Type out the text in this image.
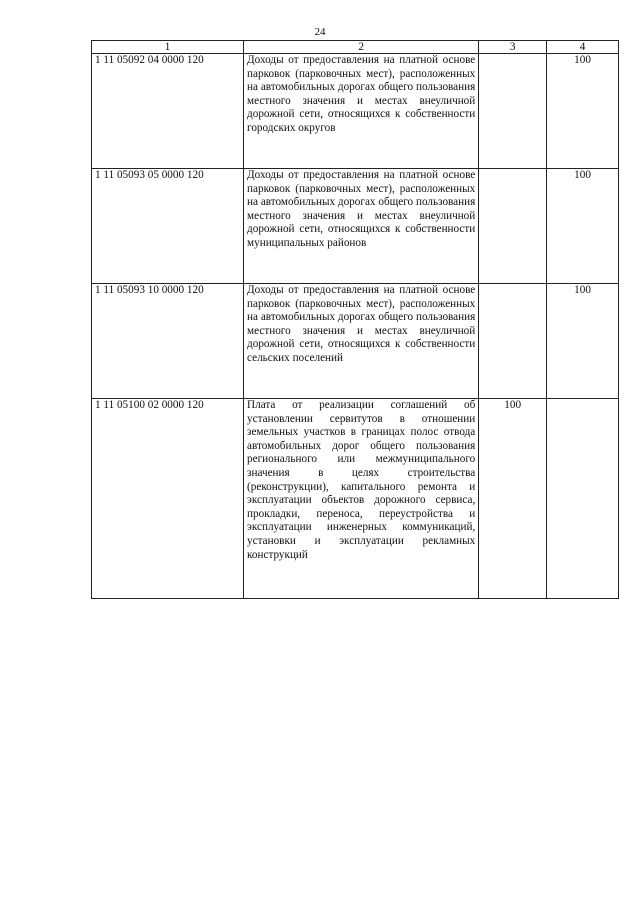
24
1	2	3	4
1 11 05092 04 0000 120	Доходы от предоставления на платной основе парковок (парковочных мест), расположенных на автомобильных дорогах общего пользования местного значения и местах внеуличной дорожной сети, относящихся к собственности городских округов		100
1 11 05093 05 0000 120	Доходы от предоставления на платной основе парковок (парковочных мест), расположенных на автомобильных дорогах общего пользования местного значения и местах внеуличной дорожной сети, относящихся к собственности муниципальных районов		100
1 11 05093 10 0000 120	Доходы от предоставления на платной основе парковок (парковочных мест), расположенных на автомобильных дорогах общего пользования местного значения и местах внеуличной дорожной сети, относящихся к собственности сельских поселений		100
1 11 05100 02 0000 120	Плата от реализации соглашений об установлении сервитутов в отношении земельных участков в границах полос отвода автомобильных дорог общего пользования регионального или межмуниципального значения в целях строительства (реконструкции), капитального ремонта и эксплуатации объектов дорожного сервиса, прокладки, переноса, переустройства и эксплуатации инженерных коммуникаций, установки и эксплуатации рекламных конструкций	100	
